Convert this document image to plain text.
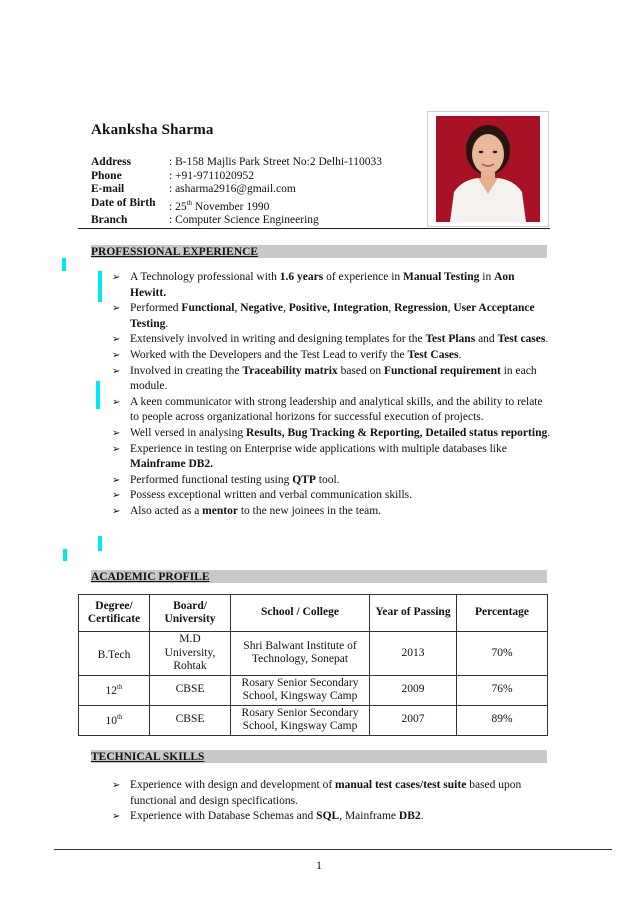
Akanksha Sharma
Address	: B-158 Majlis Park Street No:2 Delhi-110033
Phone	: +91-9711020952
E-mail	: asharma2916@gmail.com
Date of Birth	: 25th November 1990
Branch	: Computer Science Engineering
PROFESSIONAL EXPERIENCE
➢ A Technology professional with 1.6 years of experience in Manual Testing in Aon Hewitt.
➢ Performed Functional, Negative, Positive, Integration, Regression, User Acceptance Testing.
➢ Extensively involved in writing and designing templates for the Test Plans and Test cases.
➢ Worked with the Developers and the Test Lead to verify the Test Cases.
➢ Involved in creating the Traceability matrix based on Functional requirement in each module.
➢ A keen communicator with strong leadership and analytical skills, and the ability to relate to people across organizational horizons for successful execution of projects.
➢ Well versed in analysing Results, Bug Tracking & Reporting, Detailed status reporting.
➢ Experience in testing on Enterprise wide applications with multiple databases like Mainframe DB2.
➢ Performed functional testing using QTP tool.
➢ Possess exceptional written and verbal communication skills.
➢ Also acted as a mentor to the new joinees in the team.
ACADEMIC PROFILE
Degree/ Certificate	Board/ University	School / College	Year of Passing	Percentage
B.Tech	M.D University, Rohtak	Shri Balwant Institute of Technology, Sonepat	2013	70%
12th	CBSE	Rosary Senior Secondary School, Kingsway Camp	2009	76%
10th	CBSE	Rosary Senior Secondary School, Kingsway Camp	2007	89%
TECHNICAL SKILLS
➢ Experience with design and development of manual test cases/test suite based upon functional and design specifications.
➢ Experience with Database Schemas and SQL, Mainframe DB2.
1
